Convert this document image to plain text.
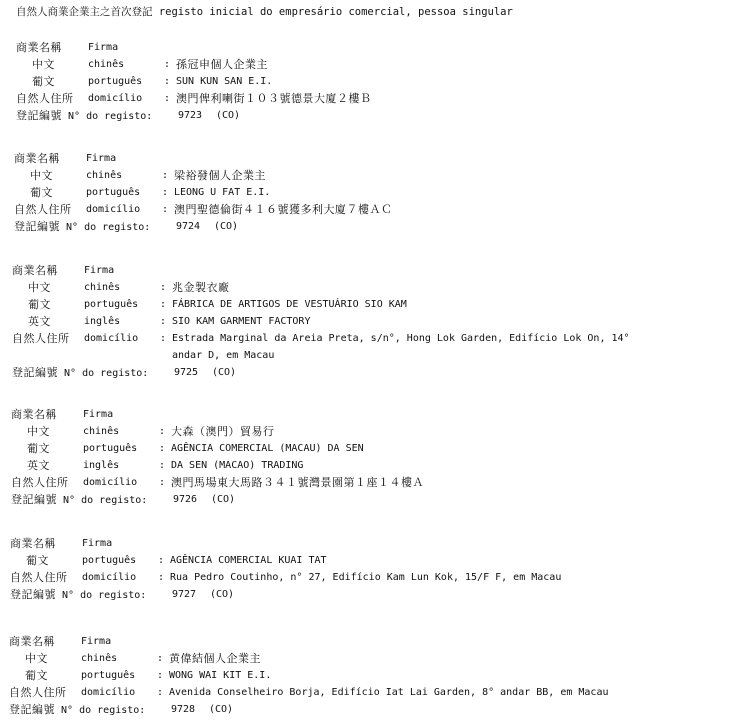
自然人商業企業主之首次登記 registo inicial do empresário comercial, pessoa singular
商業名稱	Firma
中文	chinês	: 孫冠申個人企業主
葡文	português : SUN KUN SAN E.I.
自然人住所 domicílio : 澳門俾利喇街１０３號德景大廈２樓Ｂ
登記編號 N° do registo:	9723 (CO)
商業名稱	Firma
中文	chinês	: 梁裕發個人企業主
葡文	português : LEONG U FAT E.I.
自然人住所 domicílio : 澳門聖德倫街４１６號獲多利大廈７樓ＡＣ
登記編號 N° do registo:	9724 (CO)
商業名稱	Firma
中文	chinês	: 兆金製衣廠
葡文	português : FÁBRICA DE ARTIGOS DE VESTUÁRIO SIO KAM
英文	inglês	: SIO KAM GARMENT FACTORY
自然人住所 domicílio : Estrada Marginal da Areia Preta, s/n°, Hong Lok Garden, Edifício Lok On, 14°
andar D, em Macau
登記編號 N° do registo:	9725 (CO)
商業名稱	Firma
中文	chinês	: 大森（澳門）貿易行
葡文	português : AGÊNCIA COMERCIAL (MACAU) DA SEN
英文	inglês	: DA SEN (MACAO) TRADING
自然人住所 domicílio : 澳門馬場東大馬路３４１號灣景園第１座１４樓Ａ
登記編號 N° do registo:	9726 (CO)
商業名稱	Firma
葡文	português : AGÊNCIA COMERCIAL KUAI TAT
自然人住所 domicílio : Rua Pedro Coutinho, n° 27, Edifício Kam Lun Kok, 15/F F, em Macau
登記編號 N° do registo:	9727 (CO)
商業名稱	Firma
中文	chinês	: 黄偉結個人企業主
葡文	português : WONG WAI KIT E.I.
自然人住所 domicílio : Avenida Conselheiro Borja, Edifício Iat Lai Garden, 8° andar BB, em Macau
登記編號 N° do registo:	9728 (CO)
